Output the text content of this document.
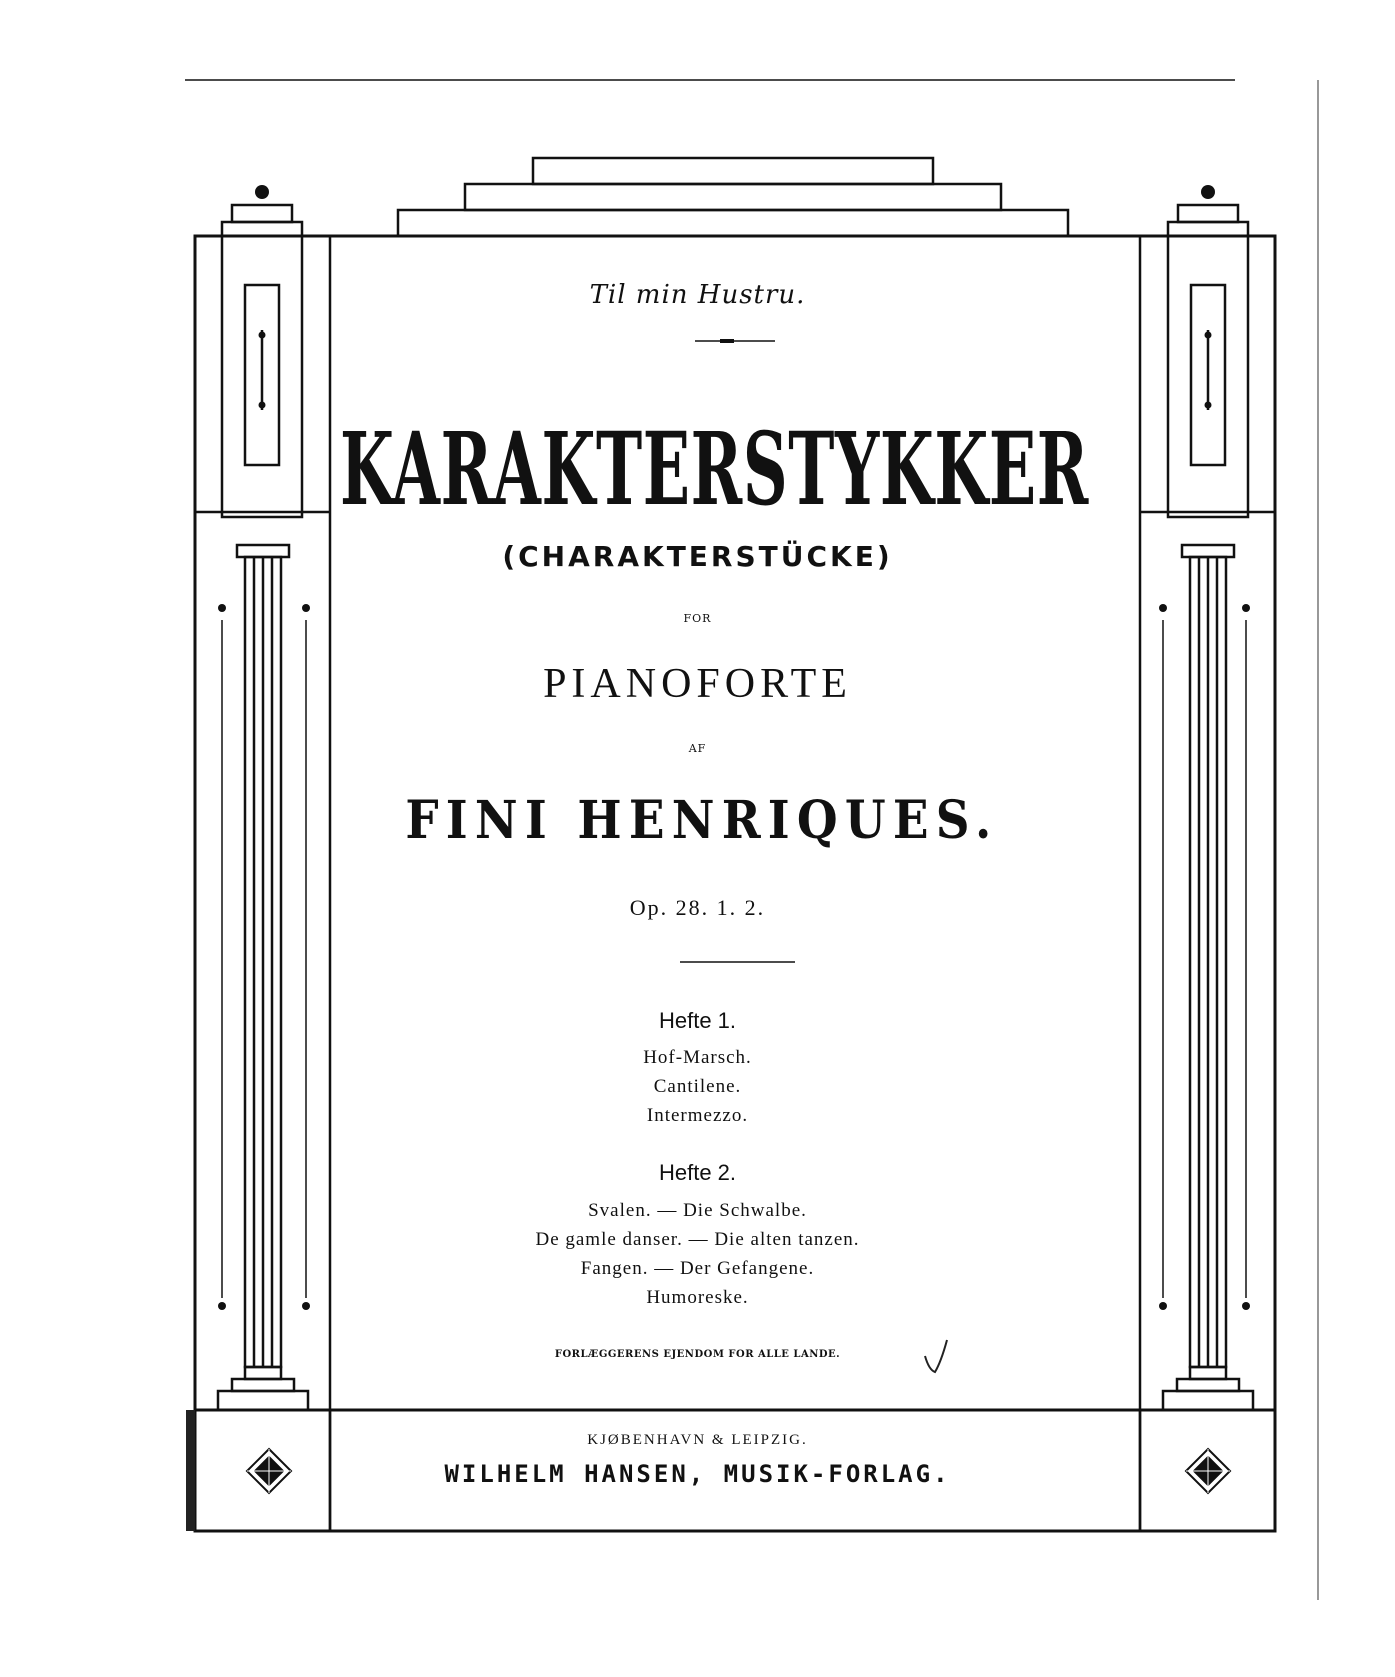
Til min Hustru.

KARAKTERSTYKKER

(CHARAKTERSTÜCKE)

FOR

PIANOFORTE

AF

FINI HENRIQUES.

Op. 28. 1. 2.

Hefte 1.

Hof-Marsch.

Cantilene.

Intermezzo.

Hefte 2.

Svalen. — Die Schwalbe.

De gamle danser. — Die alten tanzen.

Fangen. — Der Gefangene.

Humoreske.

FORLÆGGERENS EJENDOM FOR ALLE LANDE.

KJØBENHAVN & LEIPZIG.

WILHELM HANSEN, MUSIK-FORLAG.
